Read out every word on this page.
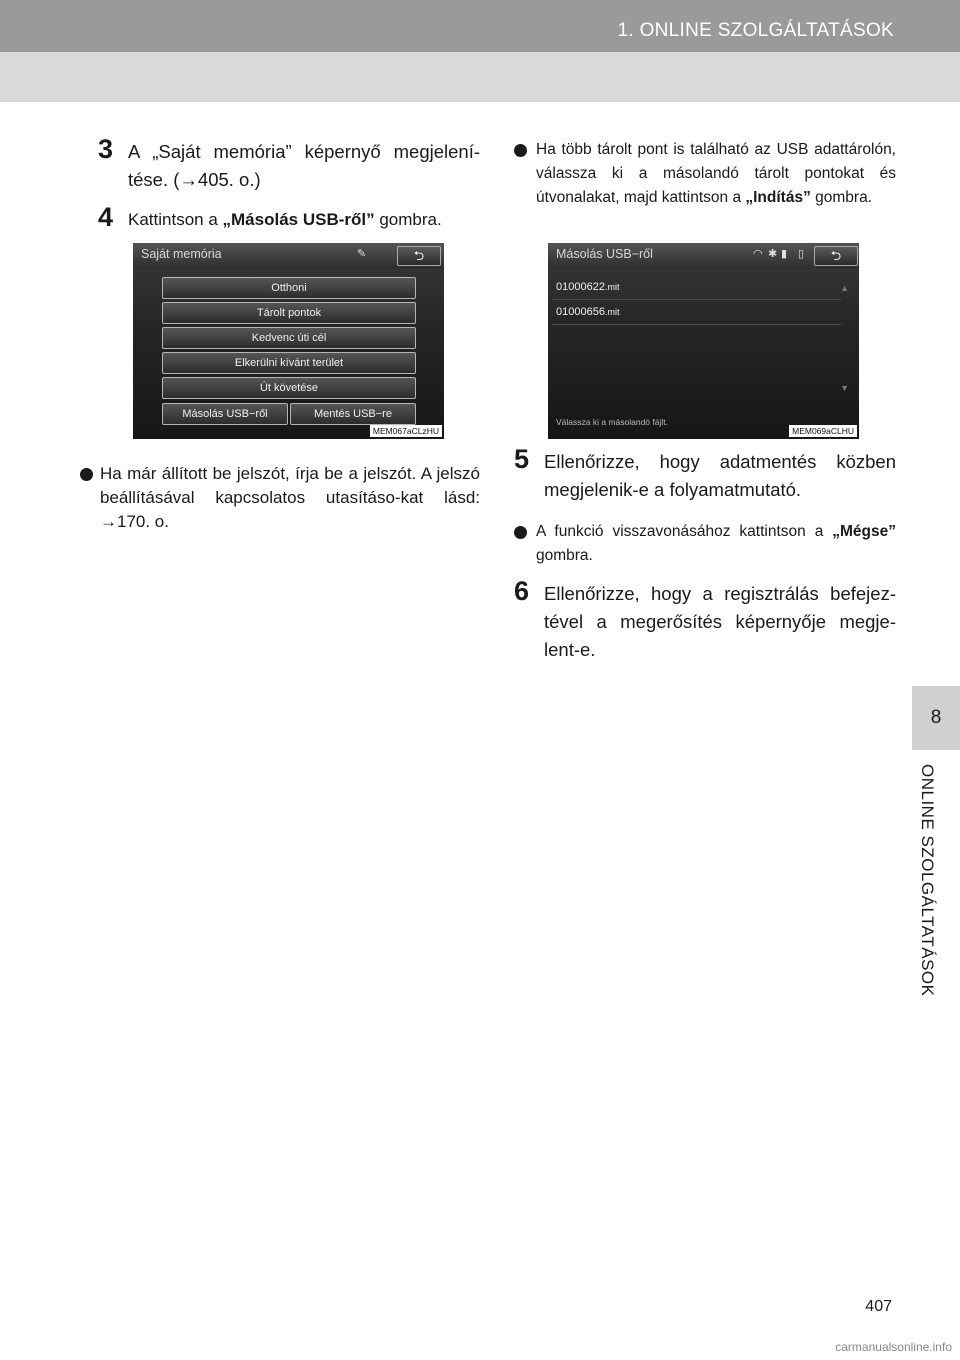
1. ONLINE SZOLGÁLTATÁSOK
8
ONLINE SZOLGÁLTATÁSOK
3 A „Saját memória” képernyő megjelení-tése. (→405. o.)
4 Kattintson a „Másolás USB-ről” gombra.
Saját memória	✎	⮌
Otthoni
Tárolt pontok
Kedvenc úti cél
Elkerülni kívánt terület
Út követése
Másolás USB−ről	Mentés USB−re
MEM067aCLzHU
Ha már állított be jelszót, írja be a jelszót. A jelszó beállításával kapcsolatos utasításo-kat lásd: →170. o.
Ha több tárolt pont is található az USB adattárolón, válassza ki a másolandó tárolt pontokat és útvonalakat, majd kattintson a „Indítás” gombra.
Másolás USB−ről	◠ ✱ ▮ ▯	⮌
01000622.mit
01000656.mit
▲
▼
Válassza ki a másolandó fájlt.
MEM069aCLHU
5 Ellenőrizze, hogy adatmentés közben megjelenik-e a folyamatmutató.
A funkció visszavonásához kattintson a „Mégse” gombra.
6 Ellenőrizze, hogy a regisztrálás befejez-tével a megerősítés képernyője megje-lent-e.
407
carmanualsonline.info
